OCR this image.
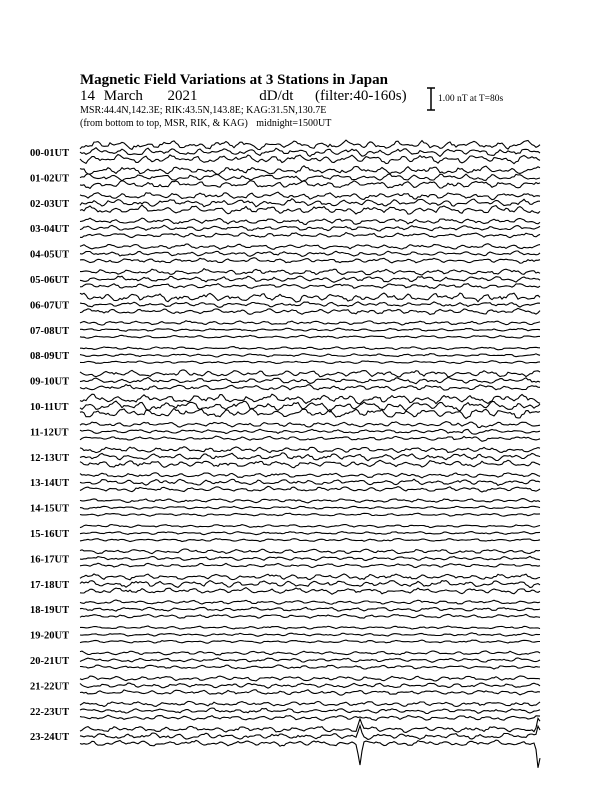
Magnetic Field Variations at 3 Stations in Japan
14 March 2021	dD/dt (filter:40-160s)
MSR:44.4N,142.3E; RIK:43.5N,143.8E; KAG:31.5N,130.7E
(from bottom to top, MSR, RIK, & KAG) midnight=1500UT
1.00 nT at T=80s
00-01UT
01-02UT
02-03UT
03-04UT
04-05UT
05-06UT
06-07UT
07-08UT
08-09UT
09-10UT
10-11UT
11-12UT
12-13UT
13-14UT
14-15UT
15-16UT
16-17UT
17-18UT
18-19UT
19-20UT
20-21UT
21-22UT
22-23UT
23-24UT
